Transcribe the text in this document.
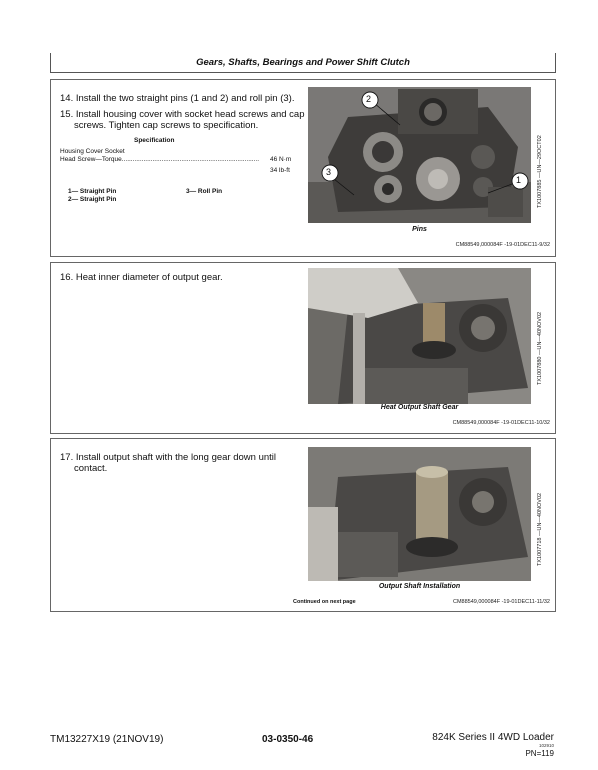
Gears, Shafts, Bearings and Power Shift Clutch
14. Install the two straight pins (1 and 2) and roll pin (3).
15. Install housing cover with socket head screws and cap
screws. Tighten cap screws to specification.
Specification
Housing Cover Socket
Head Screw—Torque............................................................................	46 N·m
34 lb-ft
1— Straight Pin
2— Straight Pin
3— Roll Pin
1
2
3	TX1007885 —UN—29OCT02
Pins
CM88549,000084F -19-01DEC11-9/32
16. Heat inner diameter of output gear.
TX1007880 —UN—40NOV02
Heat Output Shaft Gear
CM88549,000084F -19-01DEC11-10/32
17. Install output shaft with the long gear down until
contact.
TX1007718 —UN—40NOV02
Output Shaft Installation
Continued on next page	CM88549,000084F -19-01DEC11-11/32
TM13227X19 (21NOV19)	03-0350-46	824K Series II 4WD Loader
102910
PN=119
